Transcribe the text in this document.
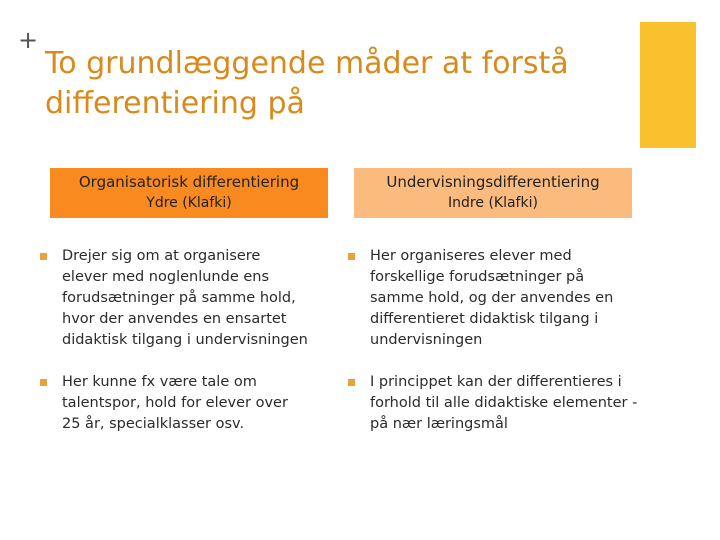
+
To grundlæggende måder at forstå differentiering på
Organisatorisk differentiering
Ydre (Klafki)
Undervisningsdifferentiering
Indre (Klafki)
Drejer sig om at organisere elever med noglenlunde ens forudsætninger på samme hold, hvor der anvendes en ensartet didaktisk tilgang i undervisningen
Her kunne fx være tale om talentspor, hold for elever over 25 år, specialklasser osv.
Her organiseres elever med forskellige forudsætninger på samme hold, og der anvendes en differentieret didaktisk tilgang i undervisningen
I princippet kan der differentieres i forhold til alle didaktiske elementer - på nær læringsmål
